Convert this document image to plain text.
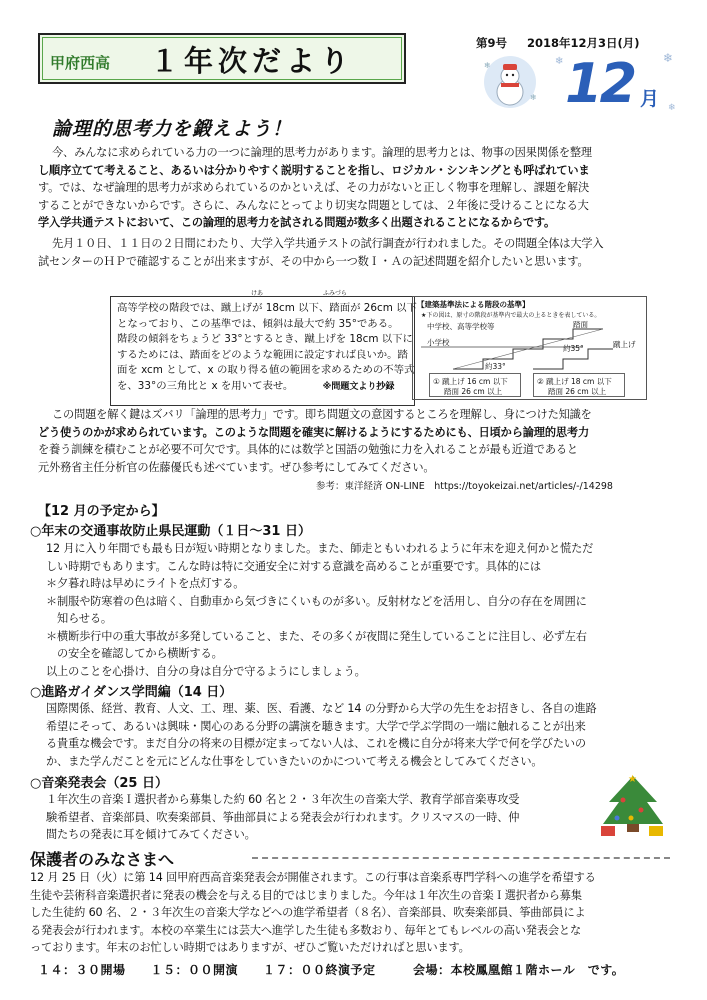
甲府西高 １年次だより
第9号 2018年12月3日(月)
❄
❄ 12 月
❄	❄
❄
論理的思考力を鍛えよう！
今、みんなに求められている力の一つに論理的思考力があります。論理的思考力とは、物事の因果関係を整理
し順序立てて考えること、あるいは分かりやすく説明することを指し、ロジカル・シンキングとも呼ばれていま
す。では、なぜ論理的思考力が求められているのかといえば、その力がないと正しく物事を理解し、課題を解決
することができないからです。さらに、みんなにとってより切実な問題としては、２年後に受けることになる大
学入学共通テストにおいて、この論理的思考力を試される問題が数多く出題されることになるからです。
先月１０日、１１日の２日間にわたり、大学入学共通テストの試行調査が行われました。その問題全体は大学入
試センターのＨＰで確認することが出来ますが、その中から一つ数Ｉ・Ａの記述問題を紹介したいと思います。
けあ	ふみづら
高等学校の階段では、蹴上げが 18cm 以下、踏面が 26cm 以下
となっており、この基準では、傾斜は最大で約 35°である。
階段の傾斜をちょうど 33°とするとき、蹴上げを 18cm 以下に
するためには、踏面をどのような範囲に設定すれば良いか。踏
面を xcm として、x の取り得る値の範囲を求めるための不等式
を、33°の三角比と x を用いて表せ。	※問題文より抄録
【建築基準法による階段の基準】
★下の図は、原寸の階段が基準内で最大の上るときを表している。
中学校、高等学校等
小学校
踏面
蹴上げ
約33°
約35°
① 蹴上げ 16 cm 以下
踏面 26 cm 以上
② 蹴上げ 18 cm 以下
踏面 26 cm 以上
この問題を解く鍵はズバリ「論理的思考力」です。即ち問題文の意図するところを理解し、身につけた知識を
どう使うのかが求められています。このような問題を確実に解けるようにするためにも、日頃から論理的思考力
を養う訓練を積むことが必要不可欠です。具体的には数学と国語の勉強に力を入れることが最も近道であると
元外務省主任分析官の佐藤優氏も述べています。ぜひ参考にしてみてください。
参考：東洋経済 ON-LINE　https://toyokeizai.net/articles/-/14298
【12 月の予定から】
○年末の交通事故防止県民運動（１日～31 日）
12 月に入り年間でも最も日が短い時期となりました。また、師走ともいわれるように年末を迎え何かと慌ただ
しい時期でもあります。こんな時は特に交通安全に対する意識を高めることが重要です。具体的には
＊夕暮れ時は早めにライトを点灯する。
＊制服や防寒着の色は暗く、自動車から気づきにくいものが多い。反射材などを活用し、自分の存在を周囲に
　知らせる。
＊横断歩行中の重大事故が多発していること、また、その多くが夜間に発生していることに注目し、必ず左右
　の安全を確認してから横断する。
以上のことを心掛け、自分の身は自分で守るようにしましょう。
○進路ガイダンス学問編（14 日）
国際関係、経営、教育、人文、工、理、薬、医、看護、など 14 の分野から大学の先生をお招きし、各自の進路
希望にそって、あるいは興味・関心のある分野の講演を聴きます。大学で学ぶ学問の一端に触れることが出来
る貴重な機会です。まだ自分の将来の目標が定まってない人は、これを機に自分が将来大学で何を学びたいの
か、また学んだことを元にどんな仕事をしていきたいのかについて考える機会としてみてください。
○音楽発表会（25 日）
１年次生の音楽Ｉ選択者から募集した約 60 名と２・３年次生の音楽大学、教育学部音楽専攻受
験希望者、音楽部員、吹奏楽部員、筝曲部員による発表会が行われます。クリスマスの一時、仲
間たちの発表に耳を傾けてみてください。
★
保護者のみなさまへ
12 月 25 日（火）に第 14 回甲府西高音楽発表会が開催されます。この行事は音楽系専門学科への進学を希望する
生徒や芸術科音楽選択者に発表の機会を与える目的ではじまりました。今年は１年次生の音楽Ｉ選択者から募集
した生徒約 60 名、２・３年次生の音楽大学などへの進学希望者（８名）、音楽部員、吹奏楽部員、筝曲部員によ
る発表会が行われます。本校の卒業生には芸大へ進学した生徒も多数おり、毎年とてもレベルの高い発表会とな
っております。年末のお忙しい時期ではありますが、ぜひご覧いただければと思います。
１４：３０開場　　１５：００開演　　１７：００終演予定　　　会場：本校鳳凰館１階ホール　です。
